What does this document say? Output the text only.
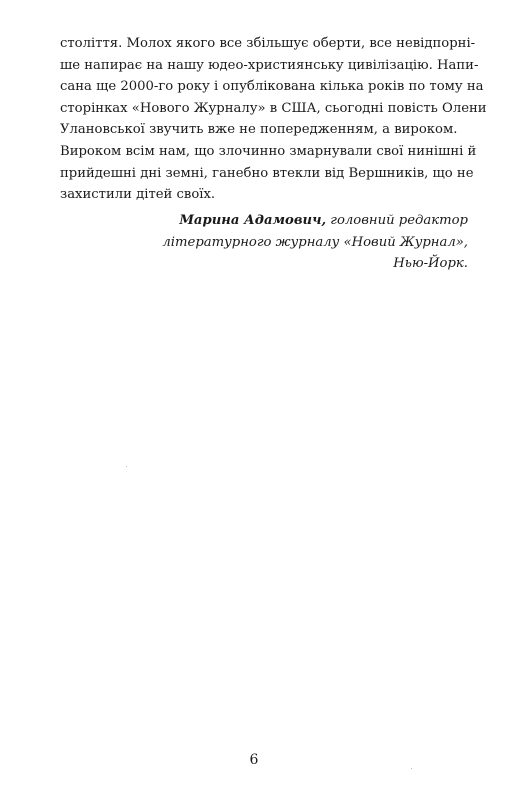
століття. Молох якого все збільшує оберти, все невідпорні-
ше напирає на нашу юдео-християнську цивілізацію. Напи-
сана ще 2000-го року і опублікована кілька років по тому на
сторінках «Нового Журналу» в США, сьогодні повість Олени
Улановської звучить вже не попередженням, а вироком.
Вироком всім нам, що злочинно змарнували свої нинішні й
прийдешні дні земні, ганебно втекли від Вершників, що не
захистили дітей своїх.
Марина Адамович, головний редактор
літературного журналу «Новий Журнал»,
Нью-Йорк.
6
